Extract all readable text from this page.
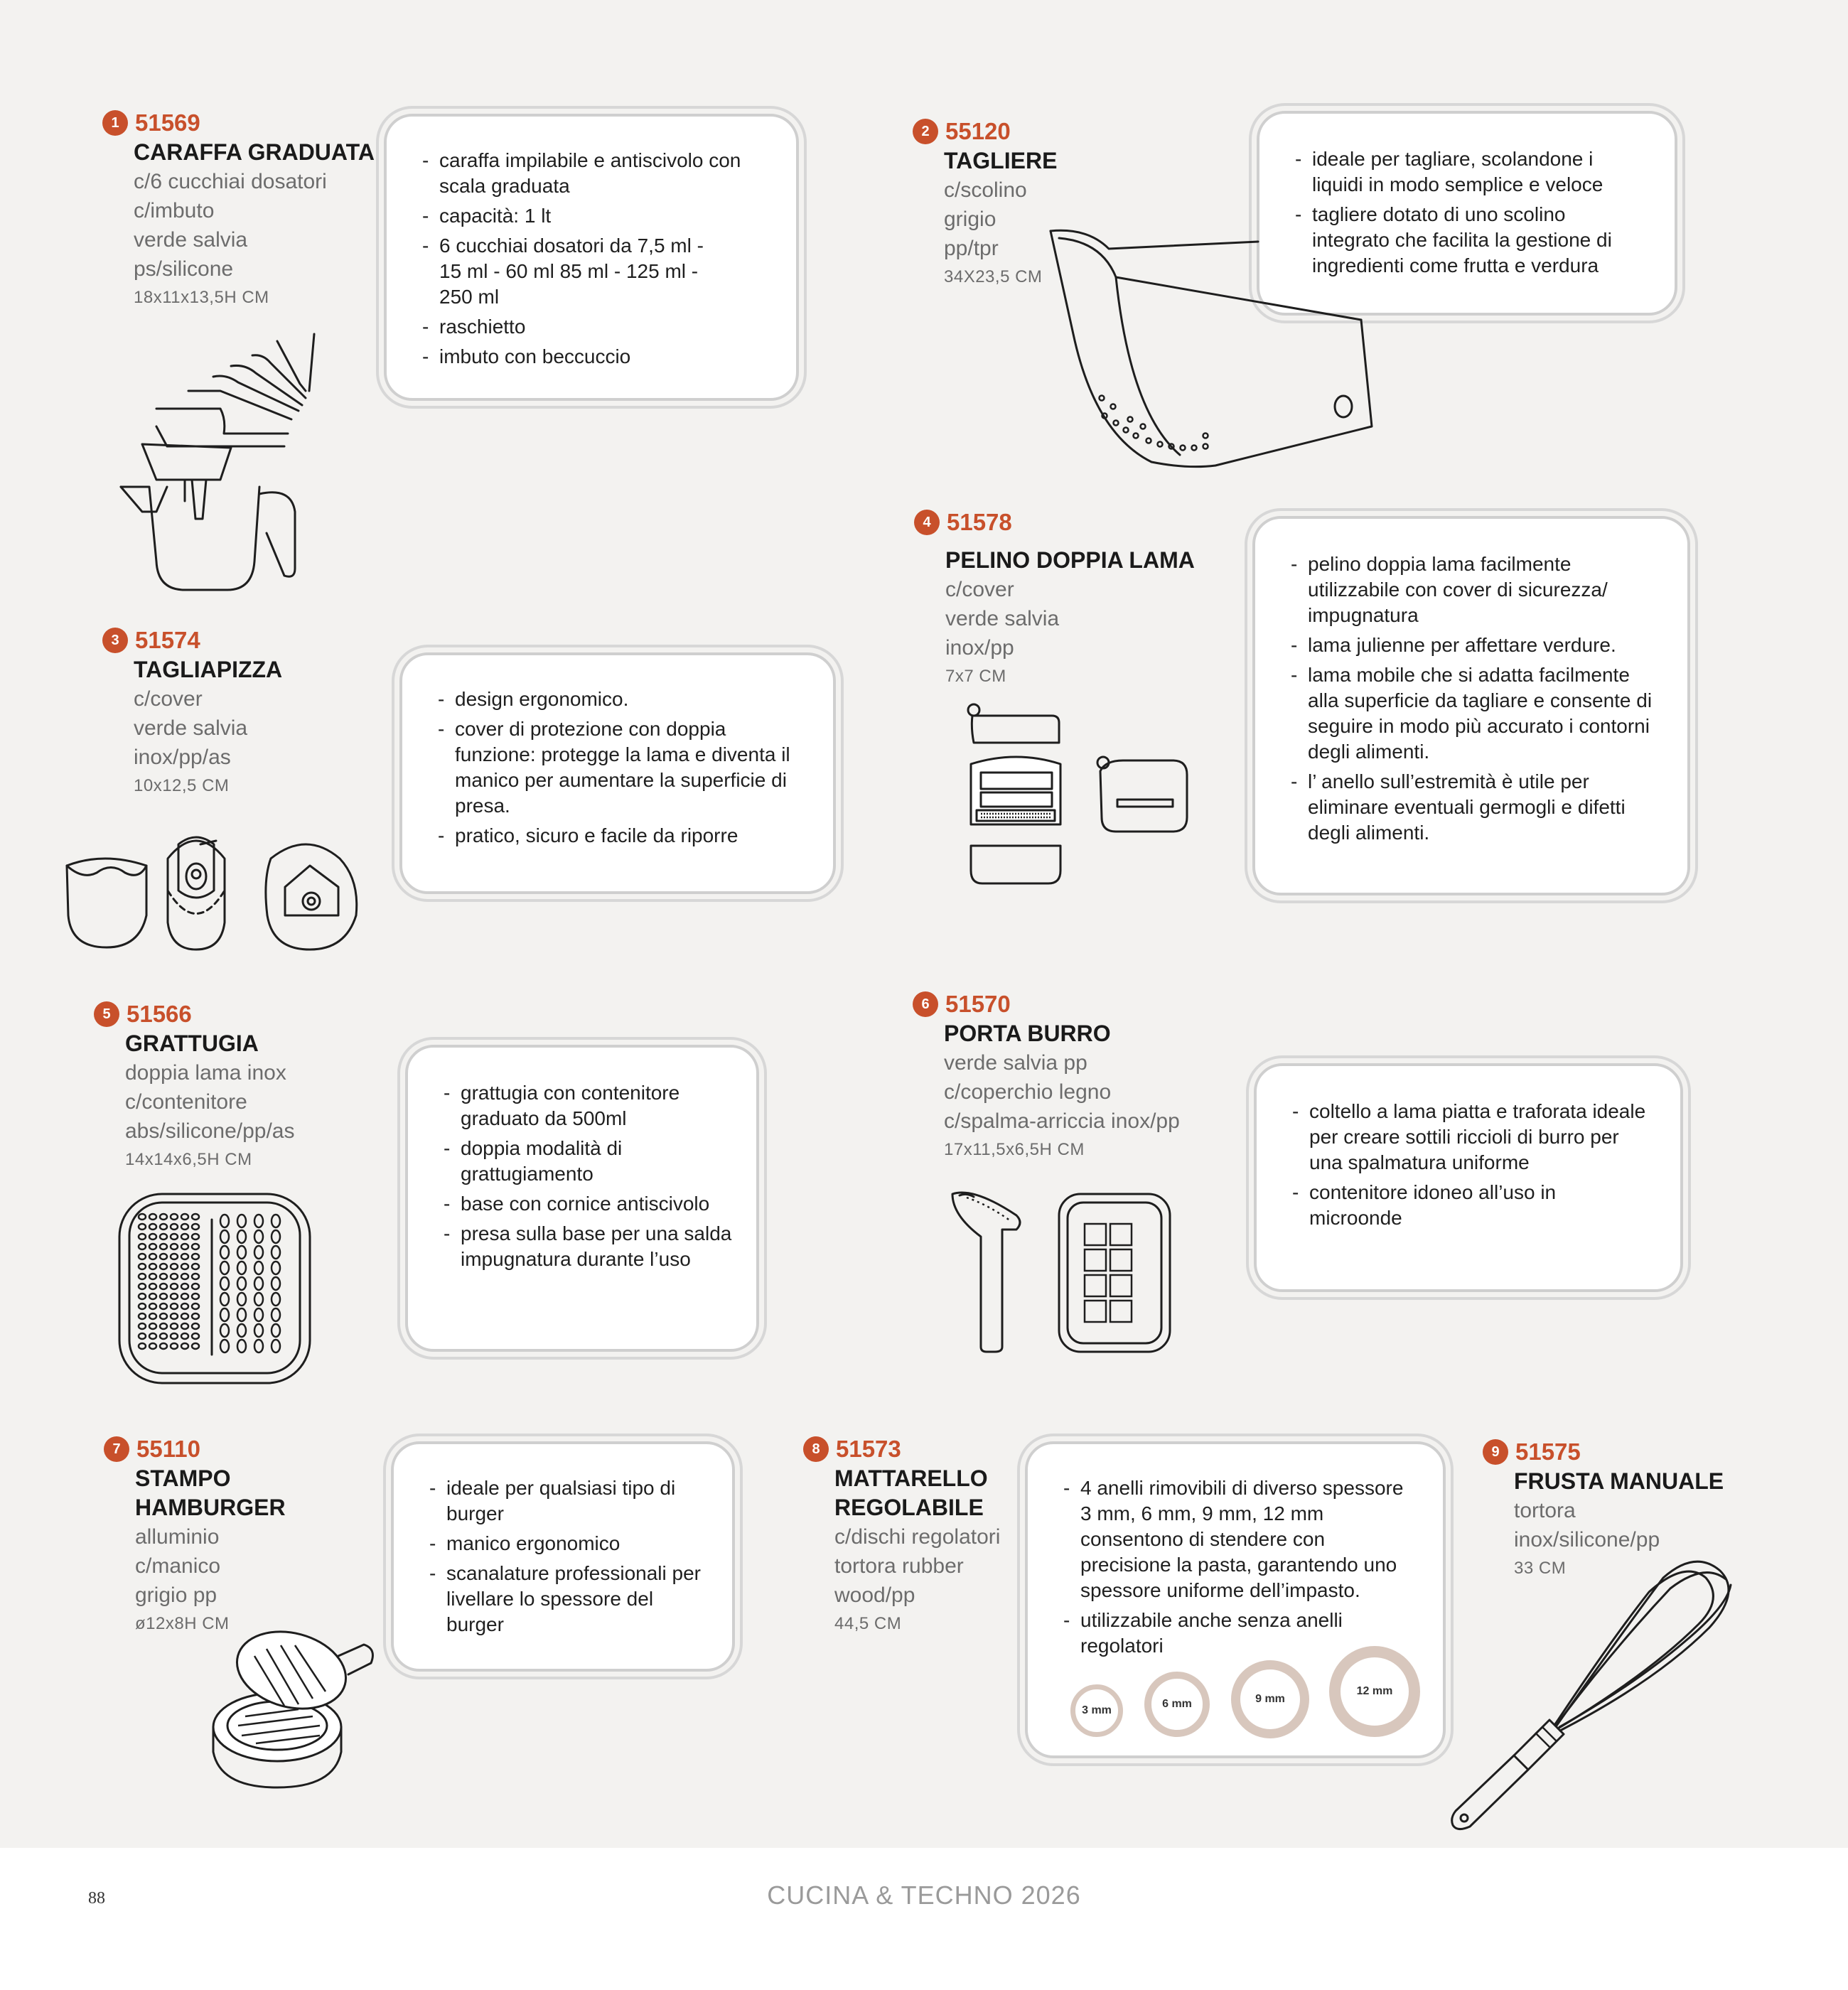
1 51569
CARAFFA GRADUATA
c/6 cucchiai dosatori
c/imbuto
verde salvia
ps/silicone
18x11x13,5H CM
- caraffa impilabile e antiscivolo con scala graduata
- capacità: 1 lt
- 6 cucchiai dosatori da 7,5 ml - 15 ml - 60 ml 85 ml - 125 ml - 250 ml
- raschietto
- imbuto con beccuccio
2 55120
TAGLIERE
c/scolino
grigio
pp/tpr
34X23,5 CM
- ideale per tagliare, scolandone i liquidi in modo semplice e veloce
- tagliere dotato di uno scolino integrato che facilita la gestione di ingredienti come frutta e verdura
3 51574
TAGLIAPIZZA
c/cover
verde salvia
inox/pp/as
10x12,5 CM
- design ergonomico.
- cover di protezione con doppia funzione: protegge la lama e diventa il manico per aumentare la superficie di presa.
- pratico, sicuro e facile da riporre
4 51578
PELINO DOPPIA LAMA
c/cover
verde salvia
inox/pp
7x7 CM
- pelino doppia lama facilmente utilizzabile con cover di sicurezza/ impugnatura
- lama julienne per affettare verdure.
- lama mobile che si adatta facilmente alla superficie da tagliare e consente di seguire in modo più accurato i contorni degli alimenti.
- l’ anello sull’estremità è utile per eliminare eventuali germogli e difetti degli alimenti.
5 51566
GRATTUGIA
doppia lama inox
c/contenitore
abs/silicone/pp/as
14x14x6,5H CM
- grattugia con contenitore graduato da 500ml
- doppia modalità di grattugiamento
- base con cornice antiscivolo
- presa sulla base per una salda impugnatura durante l’uso
6 51570
PORTA BURRO
verde salvia pp
c/coperchio legno
c/spalma-arriccia inox/pp
17x11,5x6,5H CM
- coltello a lama piatta e traforata ideale per creare sottili riccioli di burro per una spalmatura uniforme
- contenitore idoneo all’uso in microonde
7 55110
STAMPO
HAMBURGER
alluminio
c/manico
grigio pp
ø12x8H CM
- ideale per qualsiasi tipo di burger
- manico ergonomico
- scanalature professionali per livellare lo spessore del burger
8 51573
MATTARELLO
REGOLABILE
c/dischi regolatori
tortora rubber
wood/pp
44,5 CM
- 4 anelli rimovibili di diverso spessore 3 mm, 6 mm, 9 mm, 12 mm consentono di stendere con precisione la pasta, garantendo uno spessore uniforme dell’impasto.
- utilizzabile anche senza anelli regolatori
3 mm
6 mm	9 mm
12 mm
9 51575
FRUSTA MANUALE
tortora
inox/silicone/pp
33 CM
88	CUCINA & TECHNO 2026
